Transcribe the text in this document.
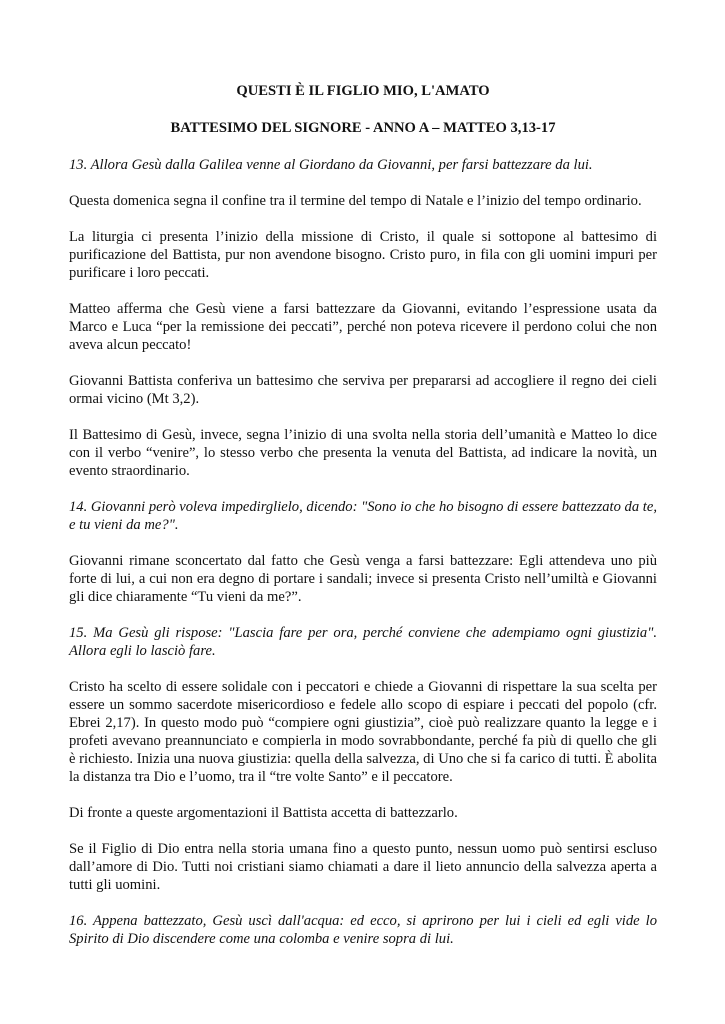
QUESTI È IL FIGLIO MIO, L'AMATO

BATTESIMO DEL SIGNORE - ANNO A – MATTEO 3,13-17

13. Allora Gesù dalla Galilea venne al Giordano da Giovanni, per farsi battezzare da lui.

Questa domenica segna il confine tra il termine del tempo di Natale e l’inizio del tempo ordinario.

La liturgia ci presenta l’inizio della missione di Cristo, il quale si sottopone al battesimo di purificazione del Battista, pur non avendone bisogno. Cristo puro, in fila con gli uomini impuri per purificare i loro peccati.

Matteo afferma che Gesù viene a farsi battezzare da Giovanni, evitando l’espressione usata da Marco e Luca “per la remissione dei peccati”, perché non poteva ricevere il perdono colui che non aveva alcun peccato!

Giovanni Battista conferiva un battesimo che serviva per prepararsi ad accogliere il regno dei cieli ormai vicino (Mt 3,2).

Il Battesimo di Gesù, invece, segna l’inizio di una svolta nella storia dell’umanità e Matteo lo dice con il verbo “venire”, lo stesso verbo che presenta la venuta del Battista, ad indicare la novità, un evento straordinario.

14. Giovanni però voleva impedirglielo, dicendo: "Sono io che ho bisogno di essere battezzato da te, e tu vieni da me?".

Giovanni rimane sconcertato dal fatto che Gesù venga a farsi battezzare: Egli attendeva uno più forte di lui, a cui non era degno di portare i sandali; invece si presenta Cristo nell’umiltà e Giovanni gli dice chiaramente “Tu vieni da me?”.

15. Ma Gesù gli rispose: "Lascia fare per ora, perché conviene che adempiamo ogni giustizia". Allora egli lo lasciò fare.

Cristo ha scelto di essere solidale con i peccatori e chiede a Giovanni di rispettare la sua scelta per essere un sommo sacerdote misericordioso e fedele allo scopo di espiare i peccati del popolo (cfr. Ebrei 2,17). In questo modo può “compiere ogni giustizia”, cioè può realizzare quanto la legge e i profeti avevano preannunciato e compierla in modo sovrabbondante, perché fa più di quello che gli è richiesto. Inizia una nuova giustizia: quella della salvezza, di Uno che si fa carico di tutti. È abolita la distanza tra Dio e l’uomo, tra il “tre volte Santo” e il peccatore.

Di fronte a queste argomentazioni il Battista accetta di battezzarlo.

Se il Figlio di Dio entra nella storia umana fino a questo punto, nessun uomo può sentirsi escluso dall’amore di Dio. Tutti noi cristiani siamo chiamati a dare il lieto annuncio della salvezza aperta a tutti gli uomini.

16. Appena battezzato, Gesù uscì dall'acqua: ed ecco, si aprirono per lui i cieli ed egli vide lo Spirito di Dio discendere come una colomba e venire sopra di lui.
